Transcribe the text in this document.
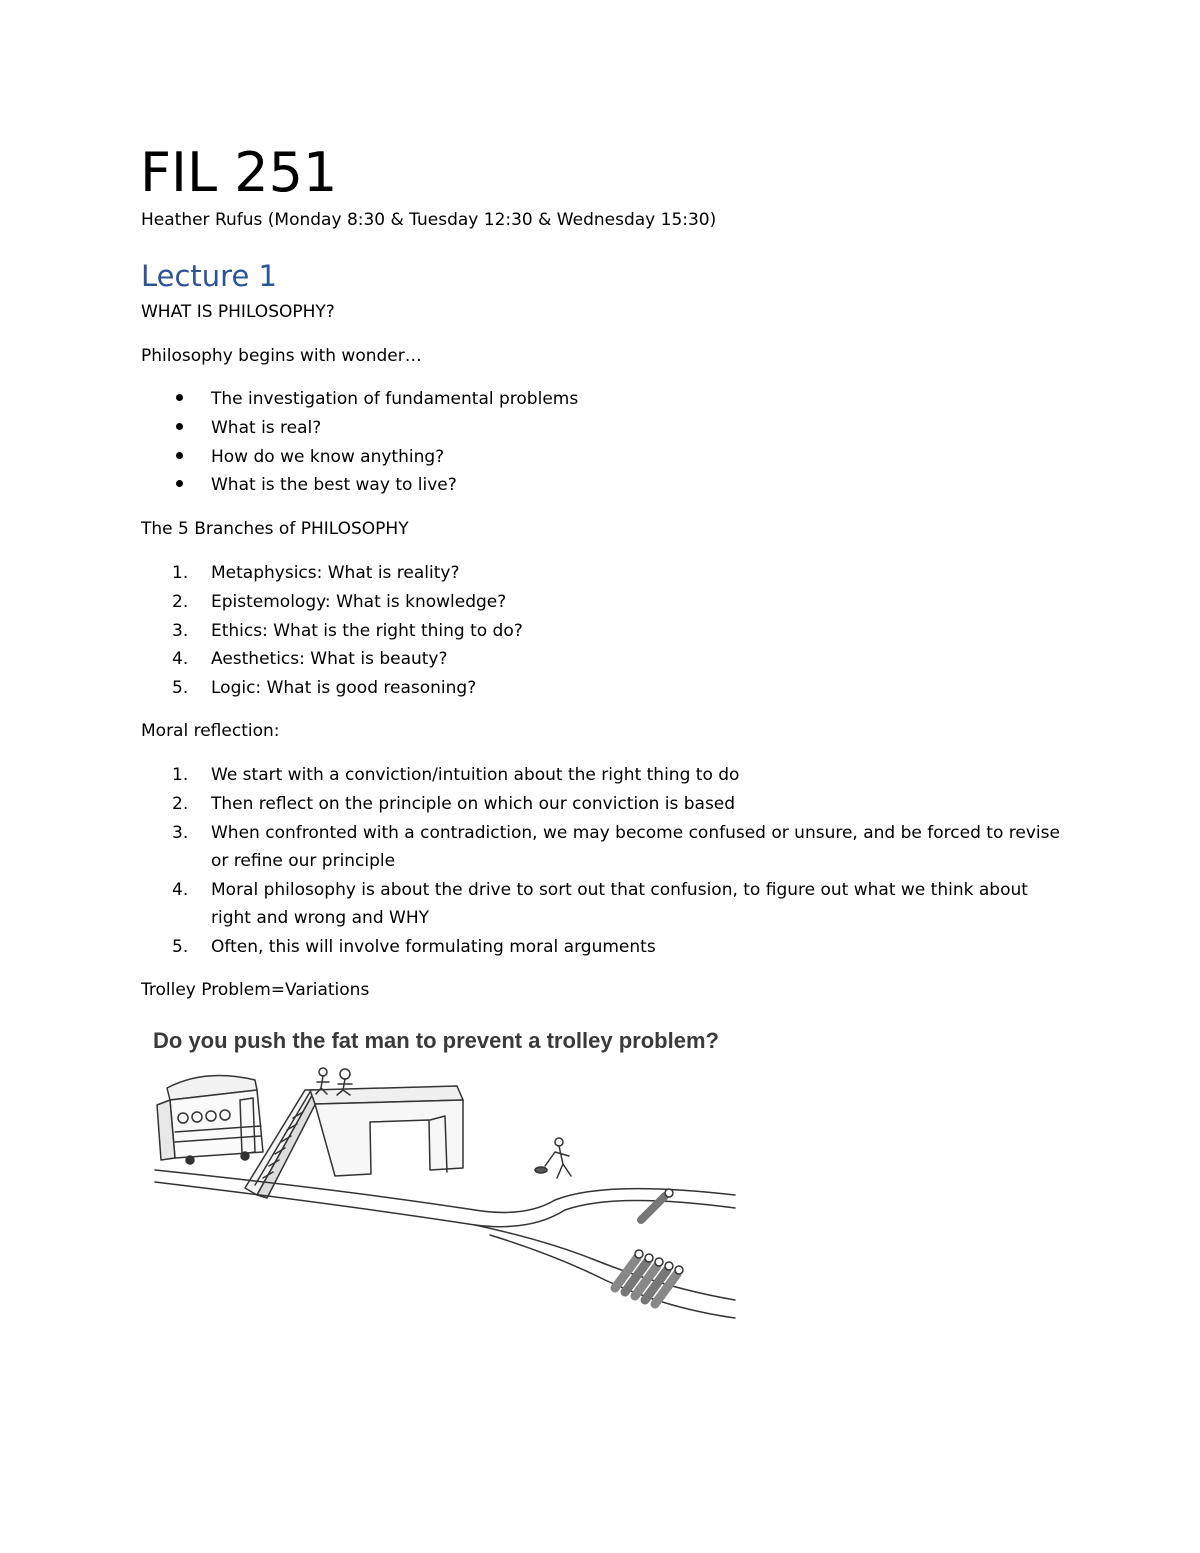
FIL 251
Heather Rufus (Monday 8:30 & Tuesday 12:30 & Wednesday 15:30)
Lecture 1
WHAT IS PHILOSOPHY?
Philosophy begins with wonder…
The investigation of fundamental problems
What is real?
How do we know anything?
What is the best way to live?
The 5 Branches of PHILOSOPHY
1. Metaphysics: What is reality?
2. Epistemology: What is knowledge?
3. Ethics: What is the right thing to do?
4. Aesthetics: What is beauty?
5. Logic: What is good reasoning?
Moral reflection:
1. We start with a conviction/intuition about the right thing to do
2. Then reflect on the principle on which our conviction is based
3. When confronted with a contradiction, we may become confused or unsure, and be forced to revise or refine our principle
4. Moral philosophy is about the drive to sort out that confusion, to figure out what we think about right and wrong and WHY
5. Often, this will involve formulating moral arguments
Trolley Problem=Variations
Do you push the fat man to prevent a trolley problem?
